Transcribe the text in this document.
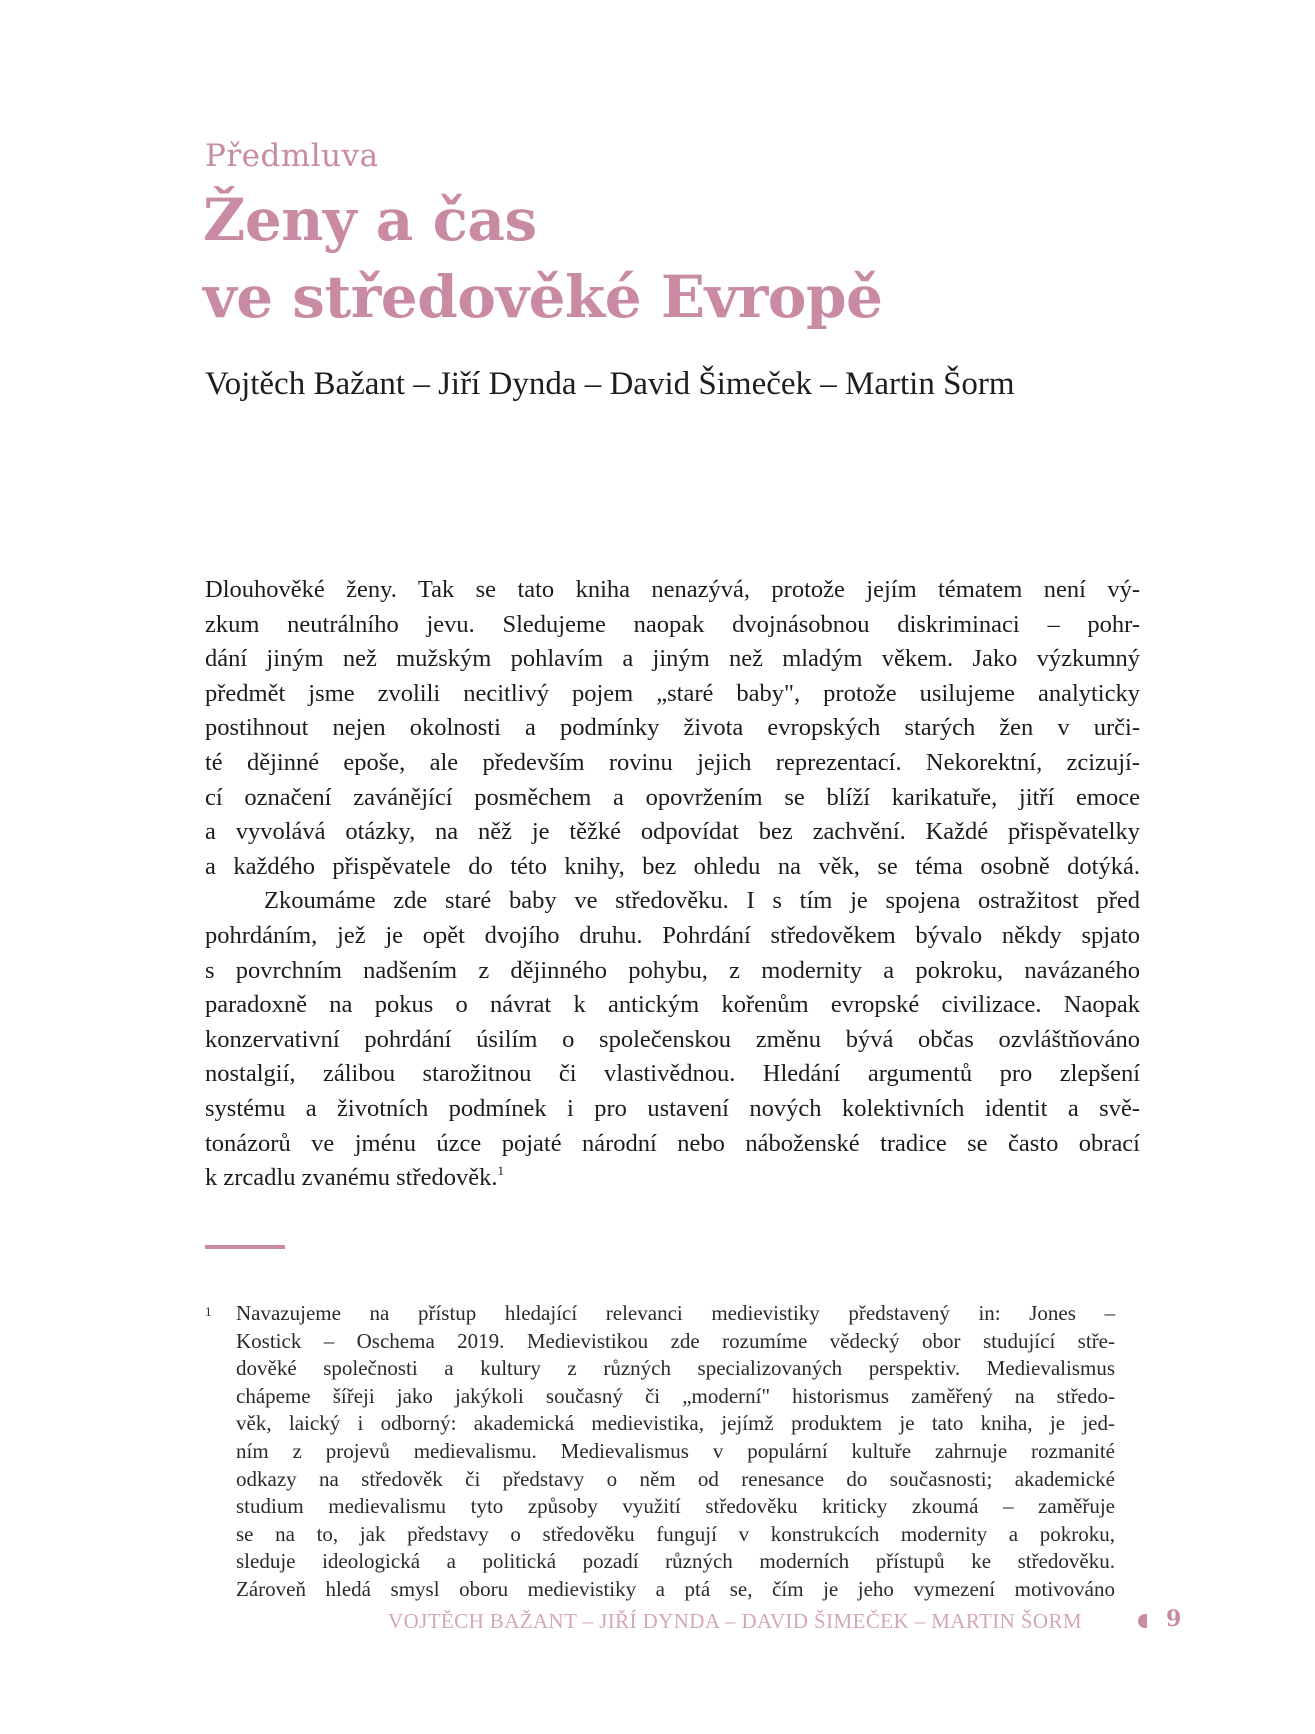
Předmluva
Ženy a čas
ve středověké Evropě
Vojtěch Bažant – Jiří Dynda – David Šimeček – Martin Šorm

Dlouhověké ženy. Tak se tato kniha nenazývá, protože jejím tématem není vý-
zkum neutrálního jevu. Sledujeme naopak dvojnásobnou diskriminaci – pohr-
dání jiným než mužským pohlavím a jiným než mladým věkem. Jako výzkumný
předmět jsme zvolili necitlivý pojem „staré baby", protože usilujeme analyticky
postihnout nejen okolnosti a podmínky života evropských starých žen v urči-
té dějinné epoše, ale především rovinu jejich reprezentací. Nekorektní, zcizují-
cí označení zavánějící posměchem a opovržením se blíží karikatuře, jitří emoce
a vyvolává otázky, na něž je těžké odpovídat bez zachvění. Každé přispěvatelky
a každého přispěvatele do této knihy, bez ohledu na věk, se téma osobně dotýká.

Zkoumáme zde staré baby ve středověku. I s tím je spojena ostražitost před
pohrdáním, jež je opět dvojího druhu. Pohrdání středověkem bývalo někdy spjato
s povrchním nadšením z dějinného pohybu, z modernity a pokroku, navázaného
paradoxně na pokus o návrat k antickým kořenům evropské civilizace. Naopak
konzervativní pohrdání úsilím o společenskou změnu bývá občas ozvláštňováno
nostalgií, zálibou starožitnou či vlastivědnou. Hledání argumentů pro zlepšení
systému a životních podmínek i pro ustavení nových kolektivních identit a svě-
tonázorů ve jménu úzce pojaté národní nebo náboženské tradice se často obrací
k zrcadlu zvanému středověk.$^1$

1 Navazujeme na přístup hledající relevanci medievistiky představený in: Jones –
Kostick – Oschema 2019. Medievistikou zde rozumíme vědecký obor studující stře-
dověké společnosti a kultury z různých specializovaných perspektiv. Medievalismus
chápeme šířeji jako jakýkoli současný či „moderní" historismus zaměřený na středo-
věk, laický i odborný: akademická medievistika, jejímž produktem je tato kniha, je jed-
ním z projevů medievalismu. Medievalismus v populární kultuře zahrnuje rozmanité
odkazy na středověk či představy o něm od renesance do současnosti; akademické
studium medievalismu tyto způsoby využití středověku kriticky zkoumá – zaměřuje
se na to, jak představy o středověku fungují v konstrukcích modernity a pokroku,
sleduje ideologická a politická pozadí různých moderních přístupů ke středověku.
Zároveň hledá smysl oboru medievistiky a ptá se, čím je jeho vymezení motivováno
VOJTĚCH BAŽANT – JIŘÍ DYNDA – DAVID ŠIMEČEK – MARTIN ŠORM	9
